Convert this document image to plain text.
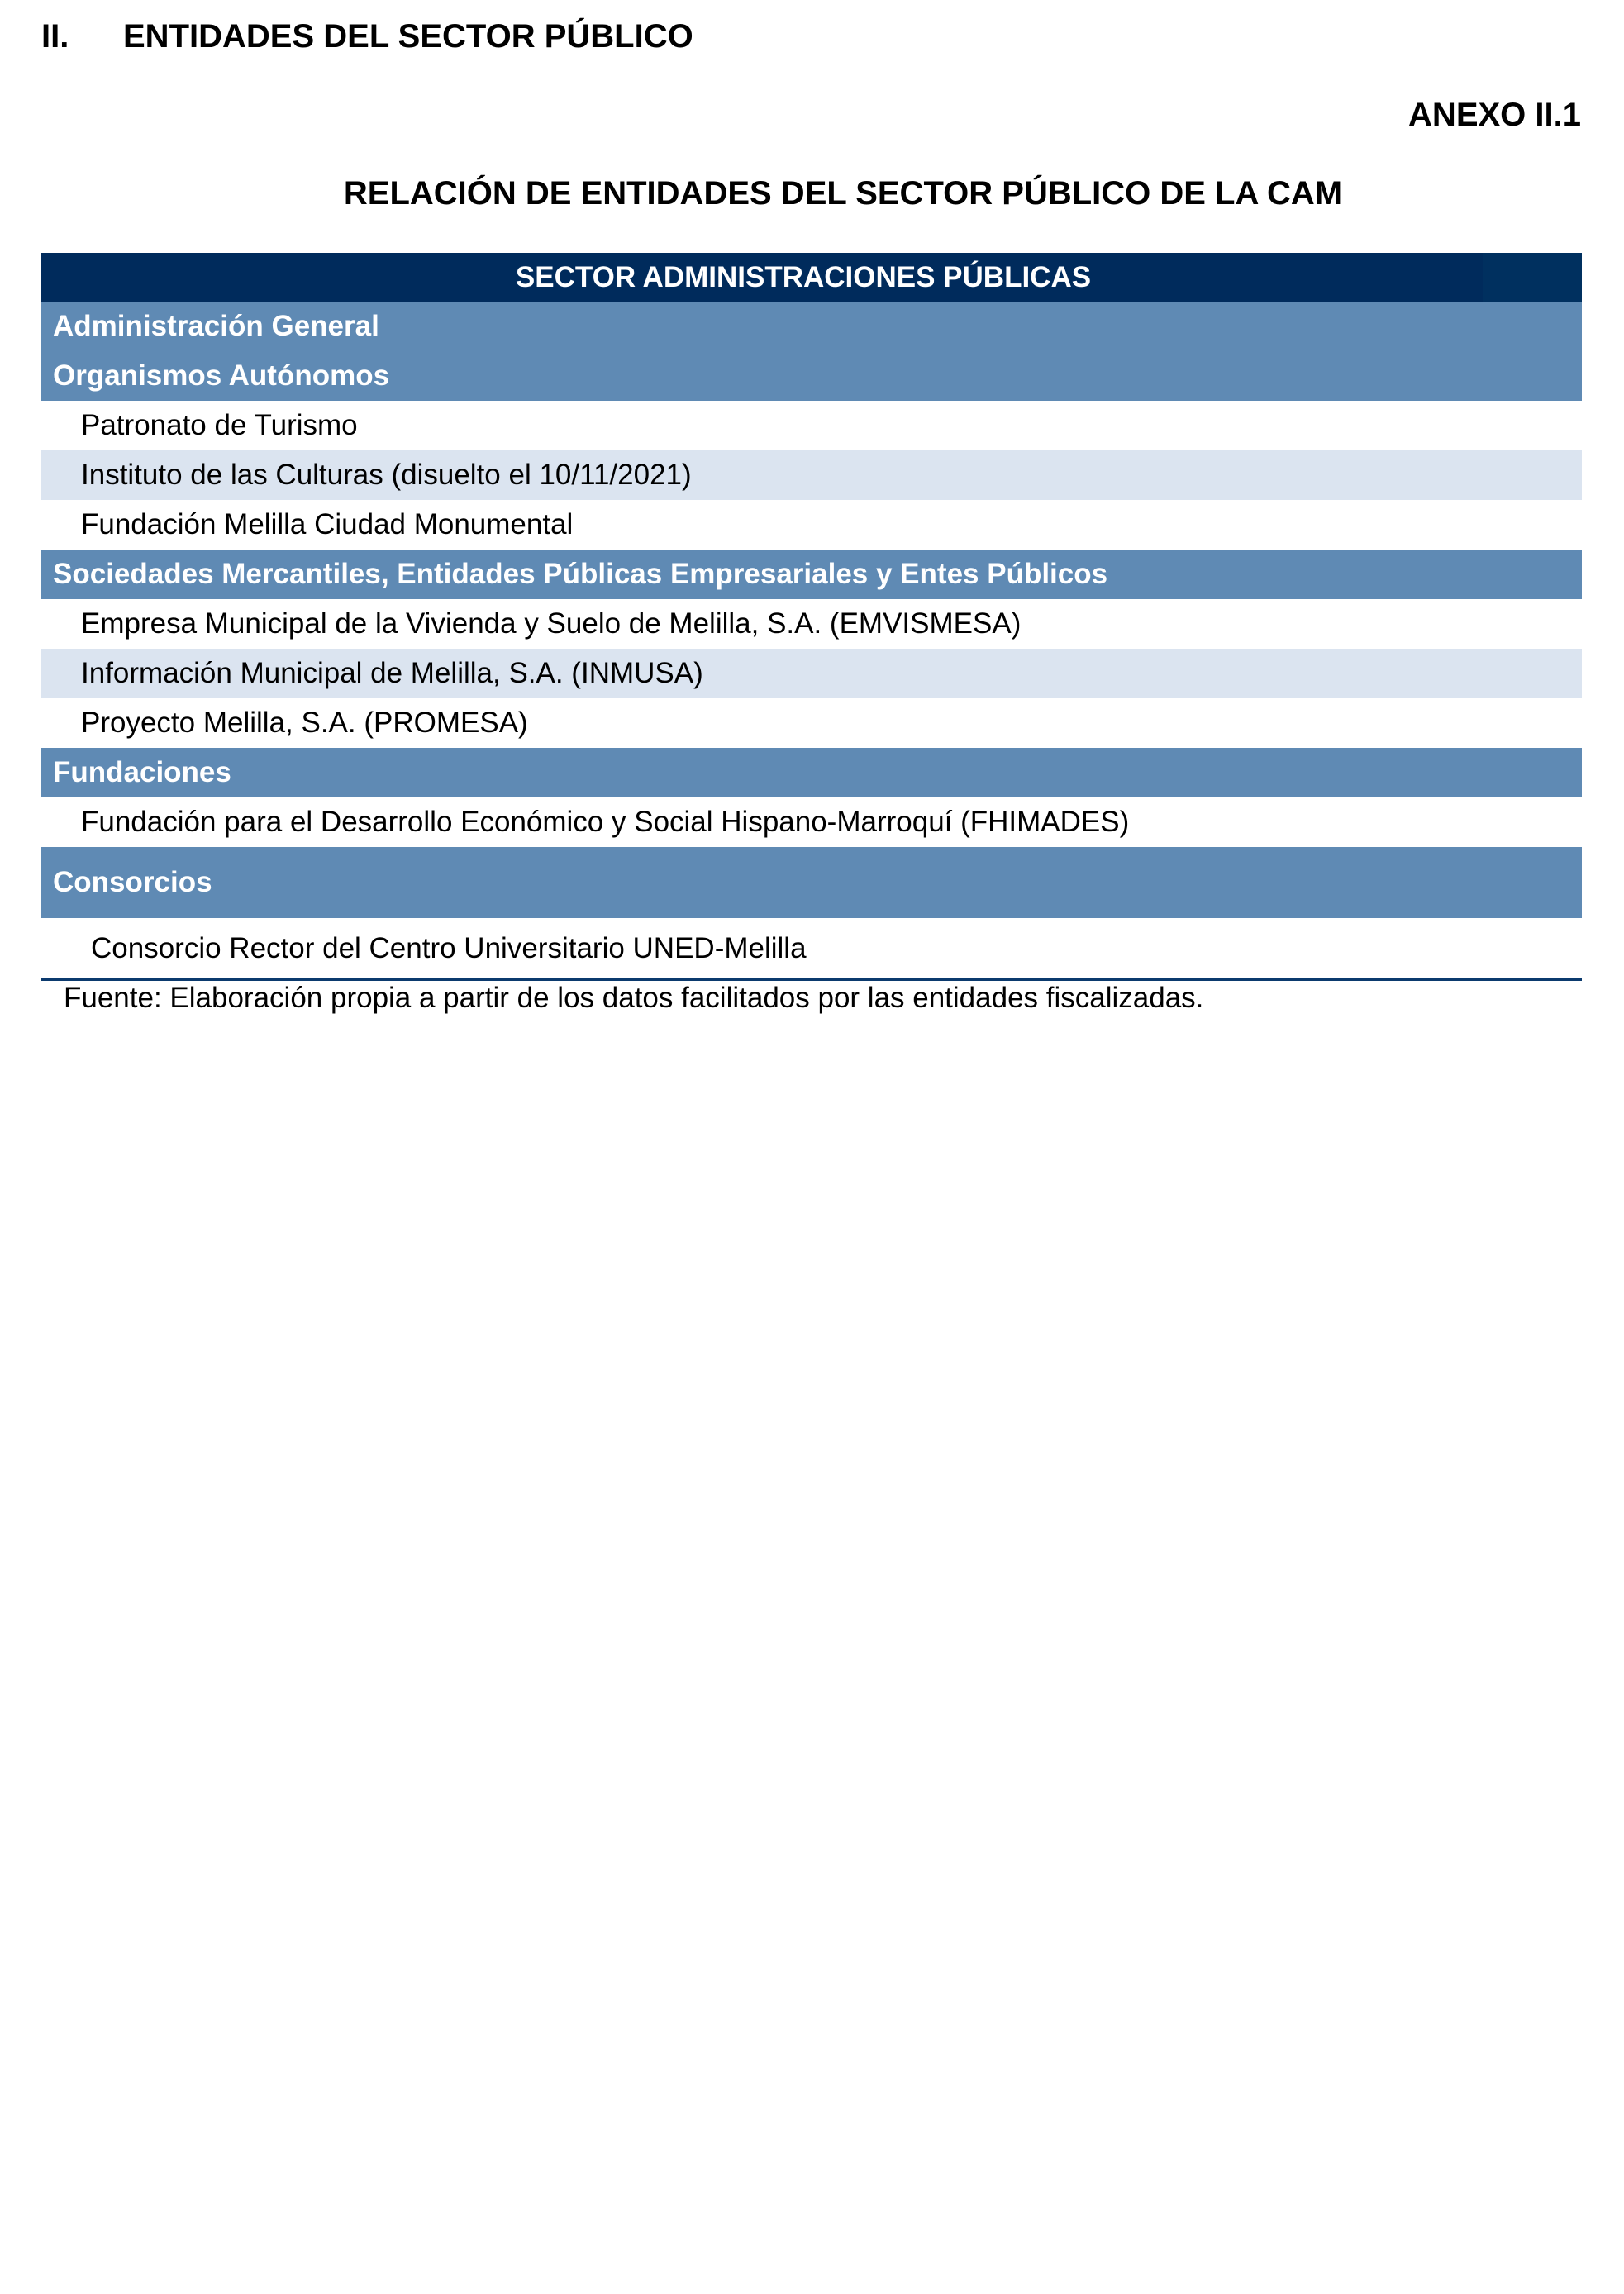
II. ENTIDADES DEL SECTOR PÚBLICO
ANEXO II.1
RELACIÓN DE ENTIDADES DEL SECTOR PÚBLICO DE LA CAM
SECTOR ADMINISTRACIONES PÚBLICAS
Administración General
Organismos Autónomos
Patronato de Turismo
Instituto de las Culturas (disuelto el 10/11/2021)
Fundación Melilla Ciudad Monumental
Sociedades Mercantiles, Entidades Públicas Empresariales y Entes Públicos
Empresa Municipal de la Vivienda y Suelo de Melilla, S.A. (EMVISMESA)
Información Municipal de Melilla, S.A. (INMUSA)
Proyecto Melilla, S.A. (PROMESA)
Fundaciones
Fundación para el Desarrollo Económico y Social Hispano-Marroquí (FHIMADES)
Consorcios
Consorcio Rector del Centro Universitario UNED-Melilla
Fuente: Elaboración propia a partir de los datos facilitados por las entidades fiscalizadas.
